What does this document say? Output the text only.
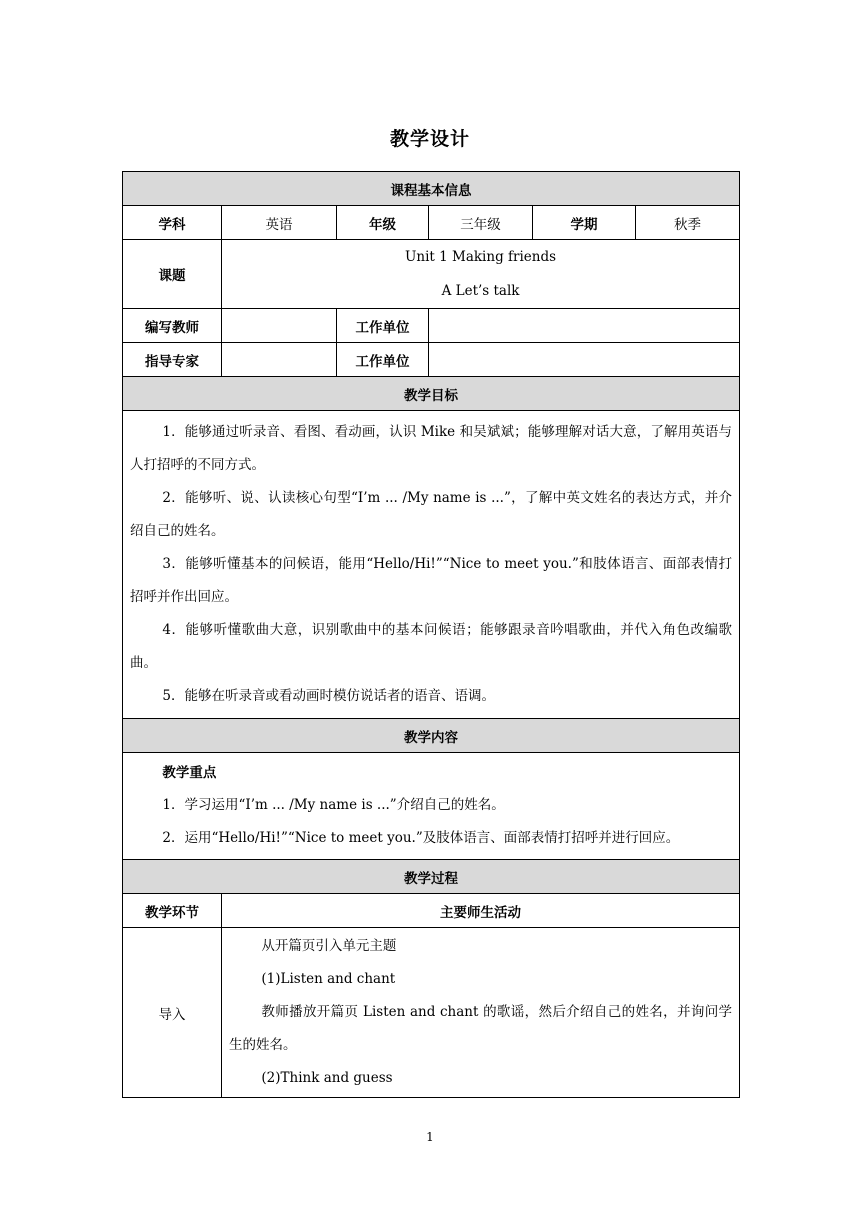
教学设计
课程基本信息					
学科	英语	年级	三年级	学期	秋季
课题	Unit 1 Making friends
A Let’s talk				

编写教师		工作单位			
指导专家		工作单位			
教学目标					

1．能够通过听录音、看图、看动画，认识 Mike 和吴斌斌；能够理解对话大意，了解用英语与人打招呼的不同方式。

2．能够听、说、认读核心句型“I’m ... /My name is ...”，了解中英文姓名的表达方式，并介绍自己的姓名。

3．能够听懂基本的问候语，能用“Hello/Hi!”“Nice to meet you.”和肢体语言、面部表情打招呼并作出回应。

4．能够听懂歌曲大意，识别歌曲中的基本问候语；能够跟录音吟唱歌曲，并代入角色改编歌曲。

5．能够在听录音或看动画时模仿说话者的语音、语调。					

教学内容					

教学重点

1．学习运用“I’m ... /My name is ...”介绍自己的姓名。

2．运用“Hello/Hi!”“Nice to meet you.”及肢体语言、面部表情打招呼并进行回应。					

教学过程					
教学环节	主要师生活动				
导入	从开篇页引入单元主题

(1)Listen and chant

教师播放开篇页 Listen and chant 的歌谣，然后介绍自己的姓名，并询问学生的姓名。

(2)Think and guess				

1
